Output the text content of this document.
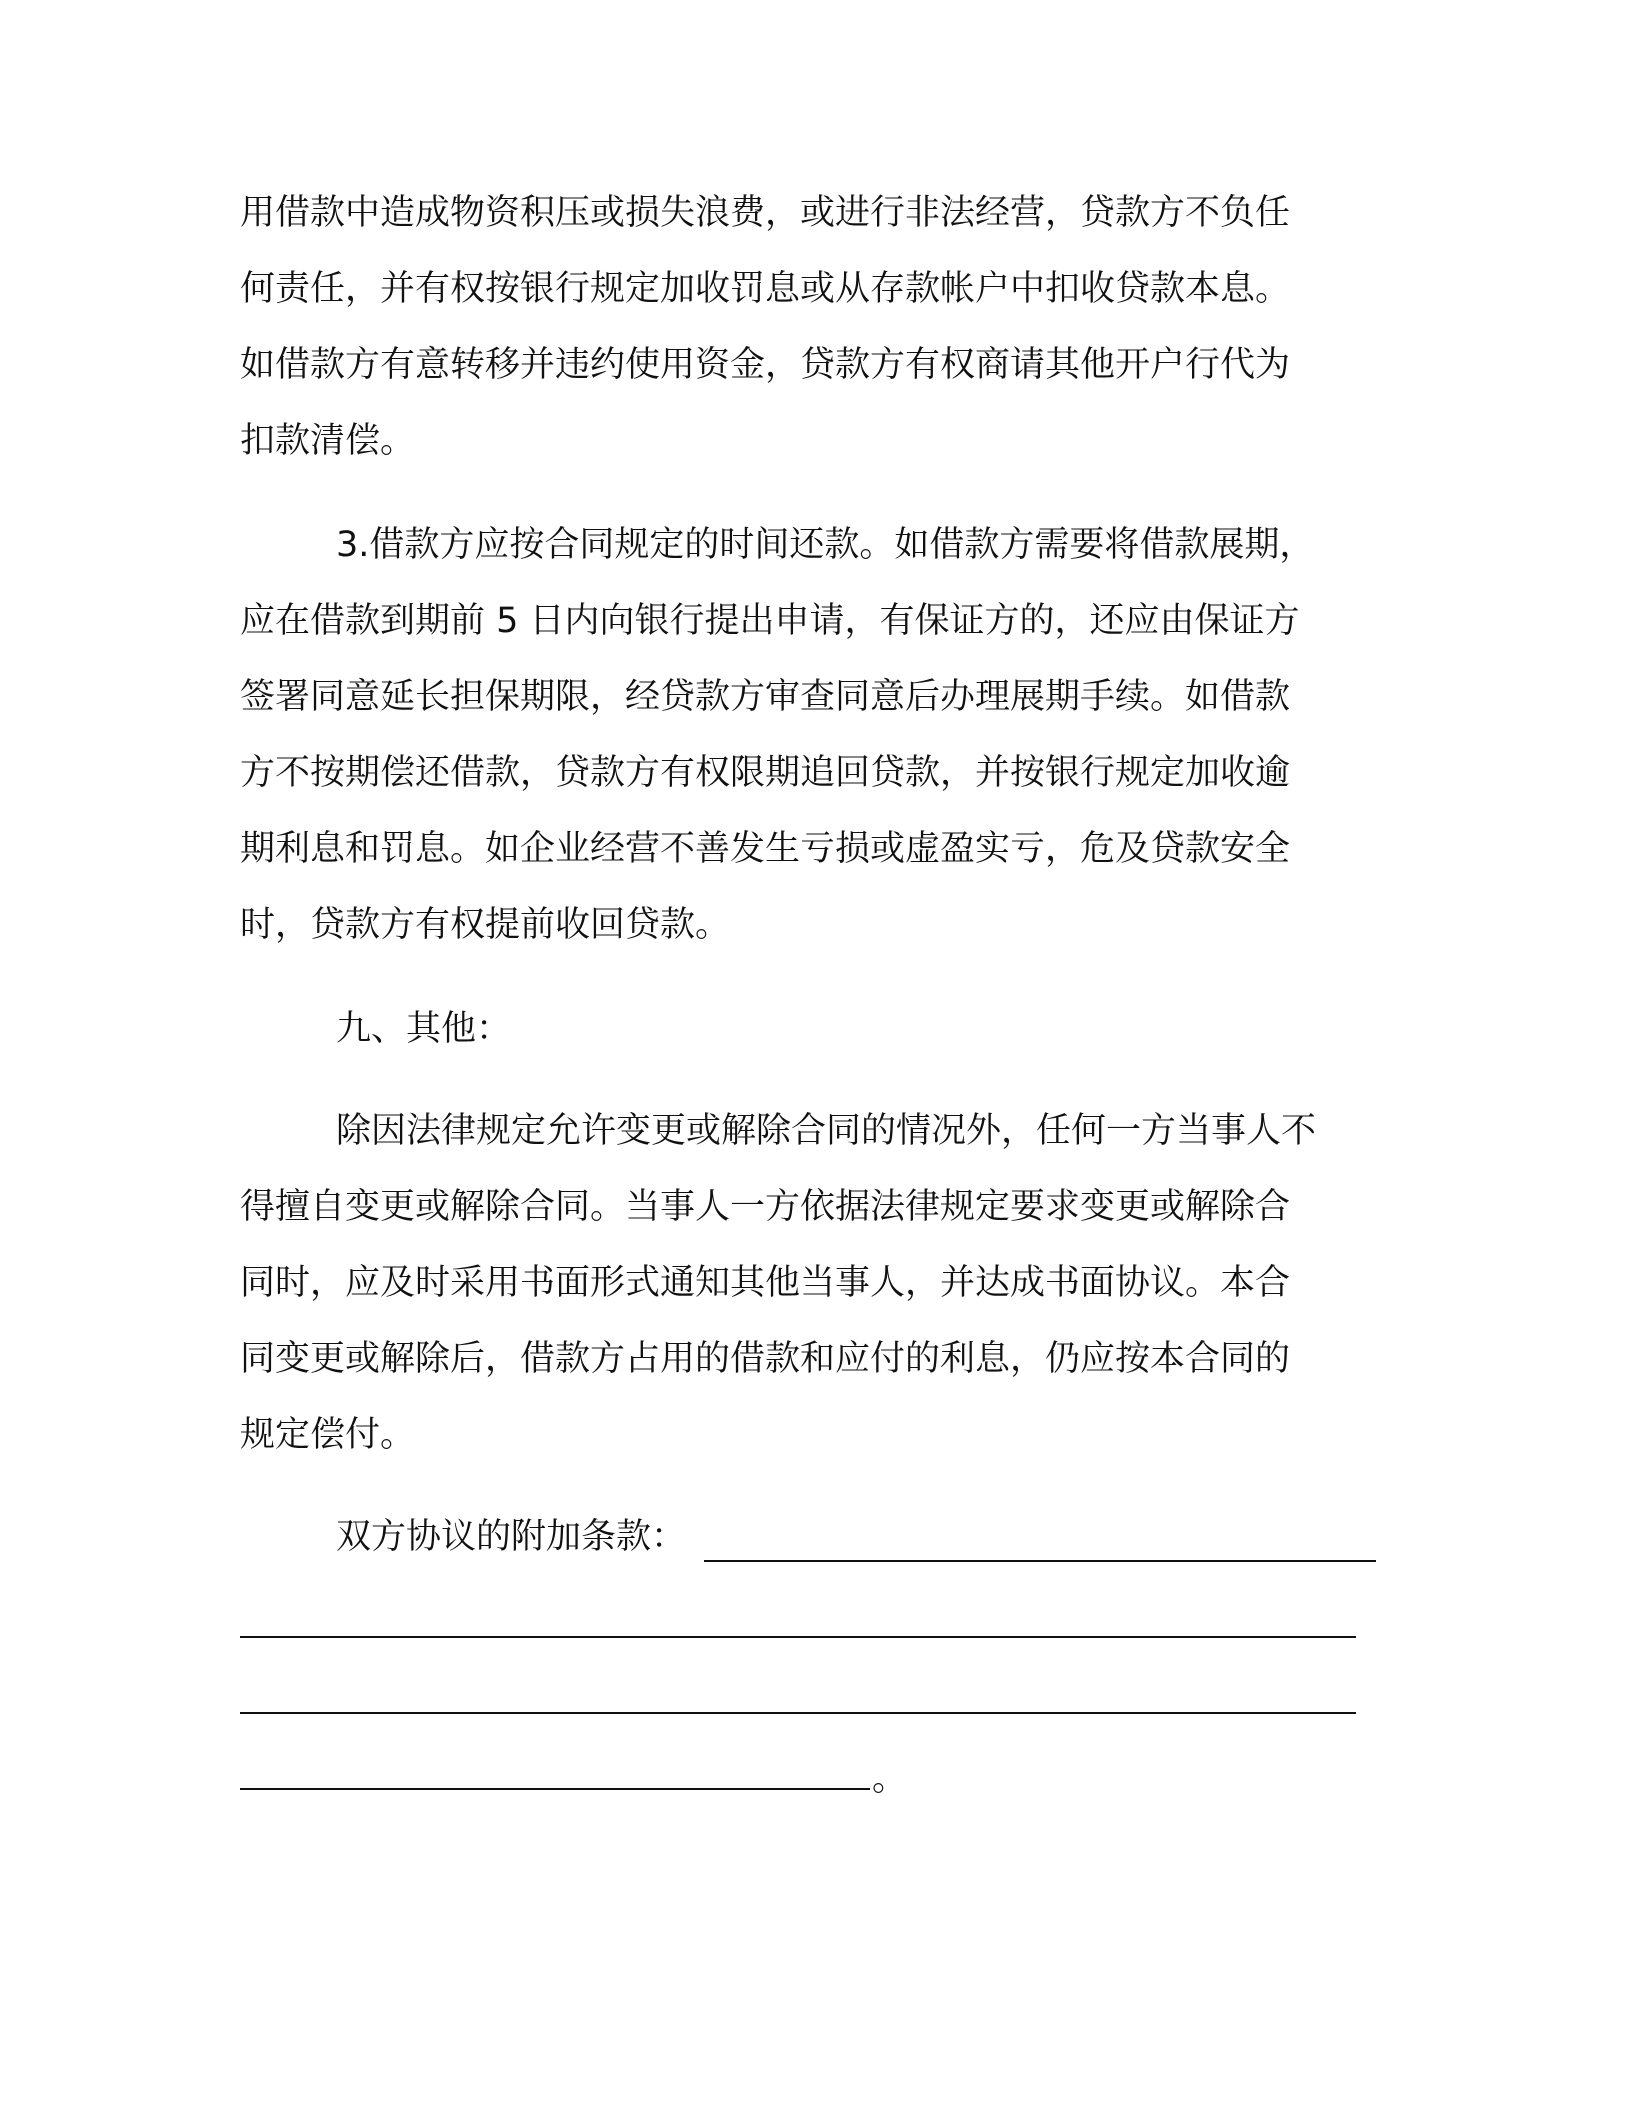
用借款中造成物资积压或损失浪费，或进行非法经营，贷款方不负任
何责任，并有权按银行规定加收罚息或从存款帐户中扣收贷款本息。
如借款方有意转移并违约使用资金，贷款方有权商请其他开户行代为
扣款清偿。
3.借款方应按合同规定的时间还款。如借款方需要将借款展期，
应在借款到期前 5 日内向银行提出申请，有保证方的，还应由保证方
签署同意延长担保期限，经贷款方审查同意后办理展期手续。如借款
方不按期偿还借款，贷款方有权限期追回贷款，并按银行规定加收逾
期利息和罚息。如企业经营不善发生亏损或虚盈实亏，危及贷款安全
时，贷款方有权提前收回贷款。
九、其他：
除因法律规定允许变更或解除合同的情况外，任何一方当事人不
得擅自变更或解除合同。当事人一方依据法律规定要求变更或解除合
同时，应及时采用书面形式通知其他当事人，并达成书面协议。本合
同变更或解除后，借款方占用的借款和应付的利息，仍应按本合同的
规定偿付。
双方协议的附加条款：
。
